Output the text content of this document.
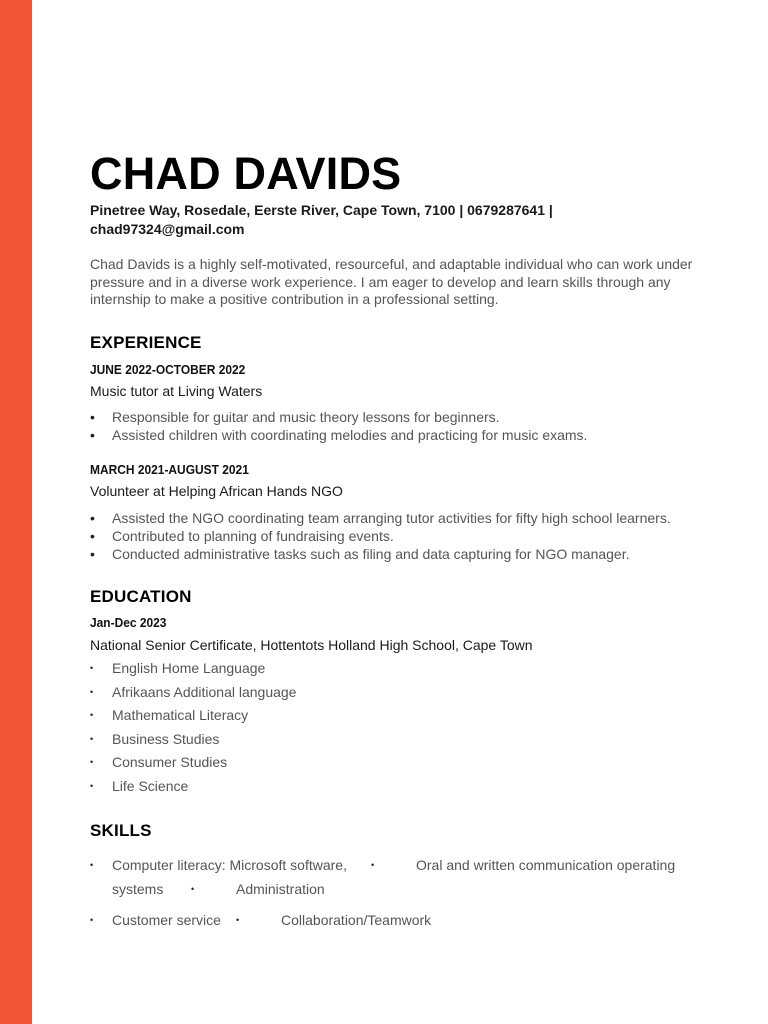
CHAD DAVIDS
Pinetree Way, Rosedale, Eerste River, Cape Town, 7100 | 0679287641 |
chad97324@gmail.com
Chad Davids is a highly self-motivated, resourceful, and adaptable individual who can work under pressure and in a diverse work experience. I am eager to develop and learn skills through any internship to make a positive contribution in a professional setting.
EXPERIENCE
JUNE 2022-OCTOBER 2022
Music tutor at Living Waters
• Responsible for guitar and music theory lessons for beginners.
• Assisted children with coordinating melodies and practicing for music exams.
MARCH 2021-AUGUST 2021
Volunteer at Helping African Hands NGO
• Assisted the NGO coordinating team arranging tutor activities for fifty high school learners.
• Contributed to planning of fundraising events.
• Conducted administrative tasks such as filing and data capturing for NGO manager.
EDUCATION
Jan-Dec 2023
National Senior Certificate, Hottentots Holland High School, Cape Town
• English Home Language
• Afrikaans Additional language
• Mathematical Literacy
• Business Studies
• Consumer Studies
• Life Science
SKILLS
• Computer literacy: Microsoft software,	•	Oral and written communication operating
systems	•	Administration
• Customer service •	Collaboration/Teamwork
